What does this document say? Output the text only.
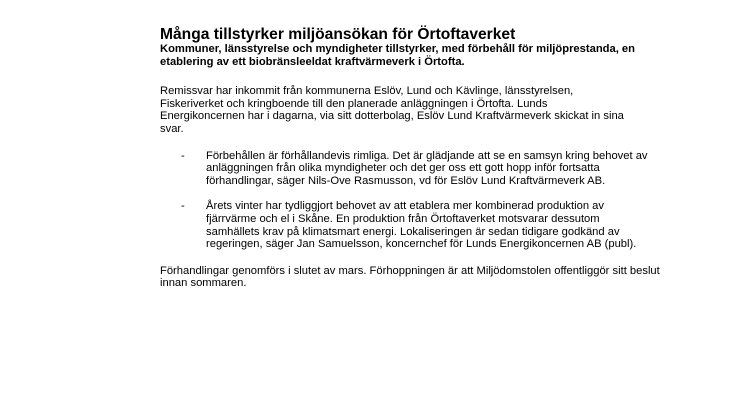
Många tillstyrker miljöansökan för Örtoftaverket

Kommuner, länsstyrelse och myndigheter tillstyrker, med förbehåll för miljöprestanda, en etablering av ett biobränsleeldat kraftvärmeverk i Örtofta.

Remissvar har inkommit från kommunerna Eslöv, Lund och Kävlinge, länsstyrelsen, Fiskeriverket och kringboende till den planerade anläggningen i Örtofta. Lunds Energikoncernen har i dagarna, via sitt dotterbolag, Eslöv Lund Kraftvärmeverk skickat in sina svar.

- Förbehållen är förhållandevis rimliga. Det är glädjande att se en samsyn kring behovet av anläggningen från olika myndigheter och det ger oss ett gott hopp inför fortsatta förhandlingar, säger Nils-Ove Rasmusson, vd för Eslöv Lund Kraftvärmeverk AB.
- Årets vinter har tydliggjort behovet av att etablera mer kombinerad produktion av fjärrvärme och el i Skåne. En produktion från Örtoftaverket motsvarar dessutom samhällets krav på klimatsmart energi. Lokaliseringen är sedan tidigare godkänd av regeringen, säger Jan Samuelsson, koncernchef för Lunds Energikoncernen AB (publ).

Förhandlingar genomförs i slutet av mars. Förhoppningen är att Miljödomstolen offentliggör sitt beslut innan sommaren.
